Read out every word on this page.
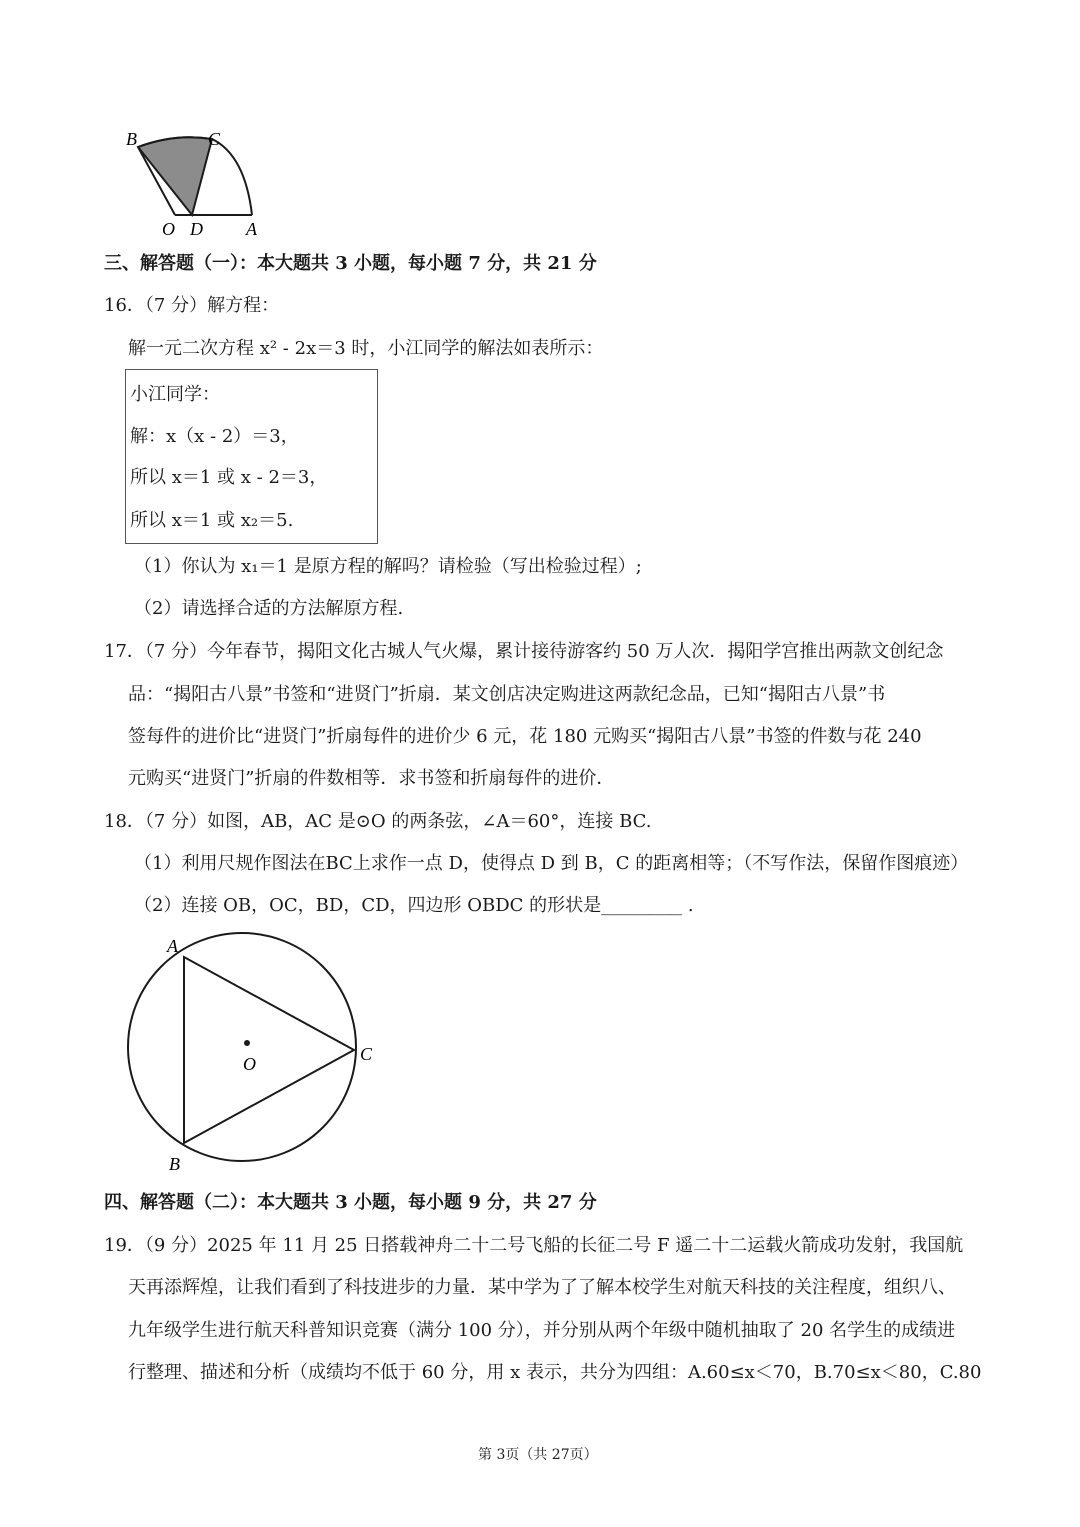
B	C
O D A
三、解答题（一）：本大题共 3 小题，每小题 7 分，共 21 分
16．（7 分）解方程：
解一元二次方程 x² - 2x＝3 时，小江同学的解法如表所示：
小江同学：
解：x（x - 2）＝3，
所以 x＝1 或 x - 2＝3，
所以 x＝1 或 x₂＝5.
（1）你认为 x₁＝1 是原方程的解吗？请检验（写出检验过程）;
（2）请选择合适的方法解原方程.
17．（7 分）今年春节，揭阳文化古城人气火爆，累计接待游客约 50 万人次．揭阳学宫推出两款文创纪念
品：“揭阳古八景”书签和“进贤门”折扇．某文创店决定购进这两款纪念品，已知“揭阳古八景”书
签每件的进价比“进贤门”折扇每件的进价少 6 元，花 180 元购买“揭阳古八景”书签的件数与花 240
元购买“进贤门”折扇的件数相等．求书签和折扇每件的进价．
18．（7 分）如图，AB，AC 是⊙O 的两条弦，∠A＝60°，连接 BC.
（1）利用尺规作图法在BC上求作一点 D，使得点 D 到 B，C 的距离相等；（不写作法，保留作图痕迹）
（2）连接 OB，OC，BD，CD，四边形 OBDC 的形状是_________ .
A
B
C
O
四、解答题（二）：本大题共 3 小题，每小题 9 分，共 27 分
19．（9 分）2025 年 11 月 25 日搭载神舟二十二号飞船的长征二号 F 遥二十二运载火箭成功发射，我国航
天再添辉煌，让我们看到了科技进步的力量．某中学为了了解本校学生对航天科技的关注程度，组织八、
九年级学生进行航天科普知识竞赛（满分 100 分），并分别从两个年级中随机抽取了 20 名学生的成绩进
行整理、描述和分析（成绩均不低于 60 分，用 x 表示，共分为四组：A.60≤x＜70，B.70≤x＜80，C.80
第 3页（共 27页）
